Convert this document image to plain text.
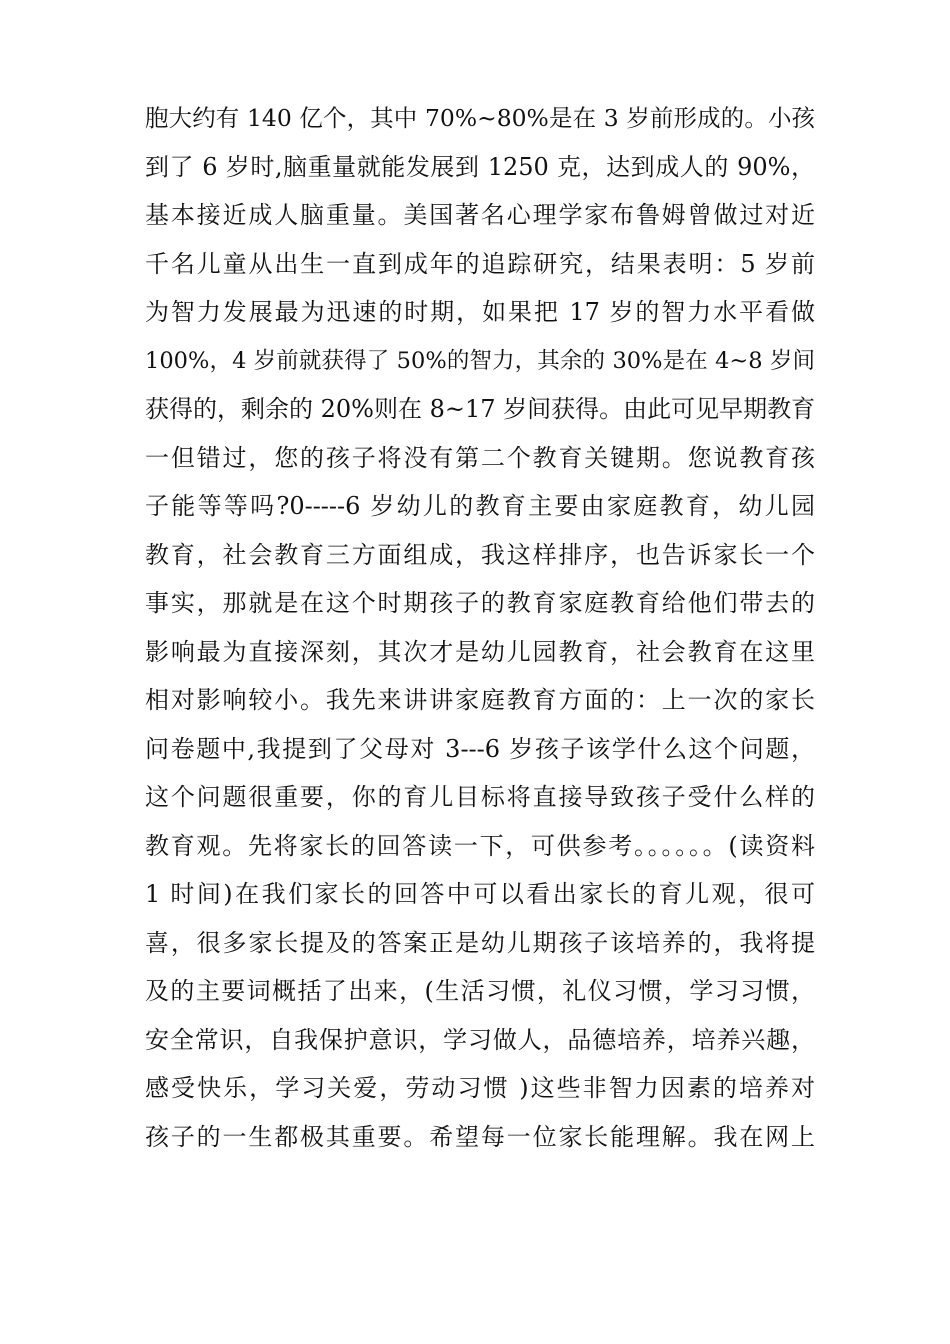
胞大约有 140 亿个，其中 70%~80%是在 3 岁前形成的。小孩
到了 6 岁时,脑重量就能发展到 1250 克，达到成人的 90%，
基本接近成人脑重量。美国著名心理学家布鲁姆曾做过对近
千名儿童从出生一直到成年的追踪研究，结果表明：5 岁前
为智力发展最为迅速的时期，如果把 17 岁的智力水平看做
100%，4 岁前就获得了 50%的智力，其余的 30%是在 4~8 岁间
获得的，剩余的 20%则在 8~17 岁间获得。由此可见早期教育
一但错过，您的孩子将没有第二个教育关键期。您说教育孩
子能等等吗?0-----6 岁幼儿的教育主要由家庭教育，幼儿园
教育，社会教育三方面组成，我这样排序，也告诉家长一个
事实，那就是在这个时期孩子的教育家庭教育给他们带去的
影响最为直接深刻，其次才是幼儿园教育，社会教育在这里
相对影响较小。我先来讲讲家庭教育方面的：上一次的家长
问卷题中,我提到了父母对 3---6 岁孩子该学什么这个问题，
这个问题很重要，你的育儿目标将直接导致孩子受什么样的
教育观。先将家长的回答读一下，可供参考。。。。。。(读资料
1 时间)在我们家长的回答中可以看出家长的育儿观，很可
喜，很多家长提及的答案正是幼儿期孩子该培养的，我将提
及的主要词概括了出来，(生活习惯，礼仪习惯，学习习惯，
安全常识，自我保护意识，学习做人，品德培养，培养兴趣，
感受快乐，学习关爱，劳动习惯 )这些非智力因素的培养对
孩子的一生都极其重要。希望每一位家长能理解。我在网上
